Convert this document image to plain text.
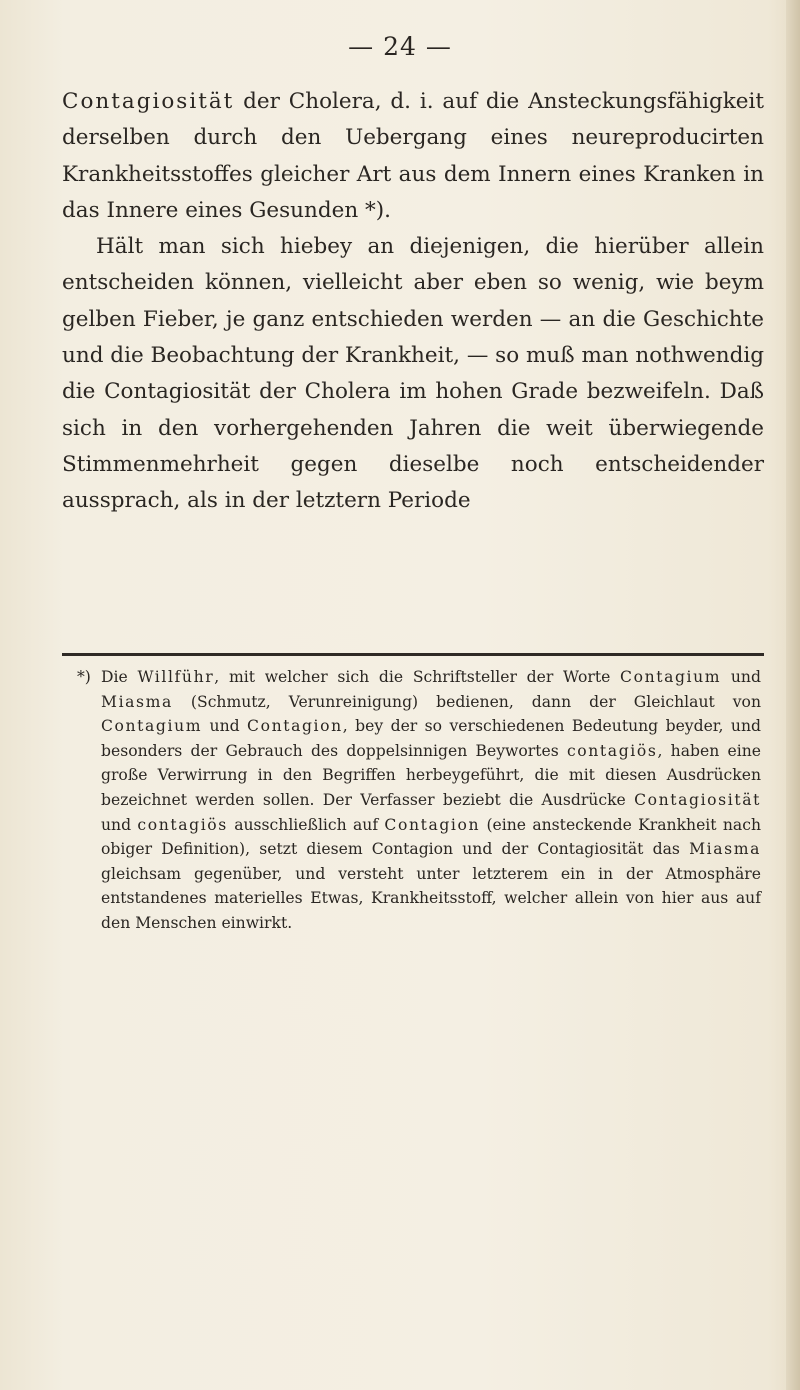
— 24 —

Contagiosität der Cholera, d. i. auf die Ansteckungsfähigkeit derselben durch den Uebergang eines neureproducirten Krankheitsstoffes gleicher Art aus dem Innern eines Kranken in das Innere eines Gesunden *).

Hält man sich hiebey an diejenigen, die hierüber allein entscheiden können, vielleicht aber eben so wenig, wie beym gelben Fieber, je ganz entschieden werden — an die Geschichte und die Beobachtung der Krankheit, — so muß man nothwendig die Contagiosität der Cholera im hohen Grade bezweifeln. Daß sich in den vorhergehenden Jahren die weit überwiegende Stimmenmehrheit gegen dieselbe noch entscheidender aussprach, als in der letztern Periode

*) Die Willführ, mit welcher sich die Schriftsteller der Worte Contagium und Miasma (Schmutz, Verunreinigung) bedienen, dann der Gleichlaut von Contagium und Contagion, bey der so verschiedenen Bedeutung beyder, und besonders der Gebrauch des doppelsinnigen Beywortes contagiös, haben eine große Verwirrung in den Begriffen herbeygeführt, die mit diesen Ausdrücken bezeichnet werden sollen. Der Verfasser beziebt die Ausdrücke Contagiosität und contagiös ausschließlich auf Contagion (eine ansteckende Krankheit nach obiger Definition), setzt diesem Contagion und der Contagiosität das Miasma gleichsam gegenüber, und versteht unter letzterem ein in der Atmosphäre entstandenes materielles Etwas, Krankheitsstoff, welcher allein von hier aus auf den Menschen einwirkt.
